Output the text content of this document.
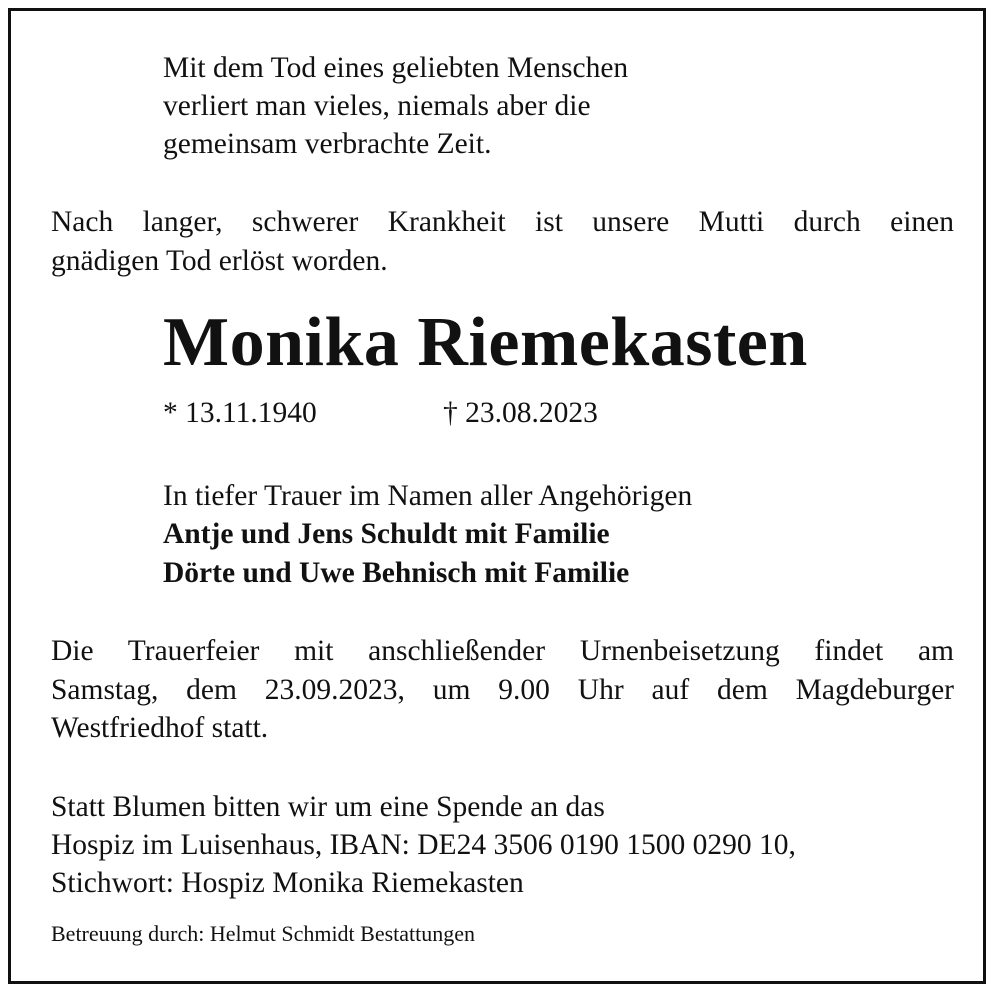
Mit dem Tod eines geliebten Menschen
verliert man vieles, niemals aber die
gemeinsam verbrachte Zeit.
Nach langer, schwerer Krankheit ist unsere Mutti durch einen
gnädigen Tod erlöst worden.
Monika Riemekasten
* 13.11.1940	† 23.08.2023
In tiefer Trauer im Namen aller Angehörigen
Antje und Jens Schuldt mit Familie
Dörte und Uwe Behnisch mit Familie
Die Trauerfeier mit anschließender Urnenbeisetzung findet am
Samstag, dem 23.09.2023, um 9.00 Uhr auf dem Magdeburger
Westfriedhof statt.
Statt Blumen bitten wir um eine Spende an das
Hospiz im Luisenhaus, IBAN: DE24 3506 0190 1500 0290 10,
Stichwort: Hospiz Monika Riemekasten
Betreuung durch: Helmut Schmidt Bestattungen
